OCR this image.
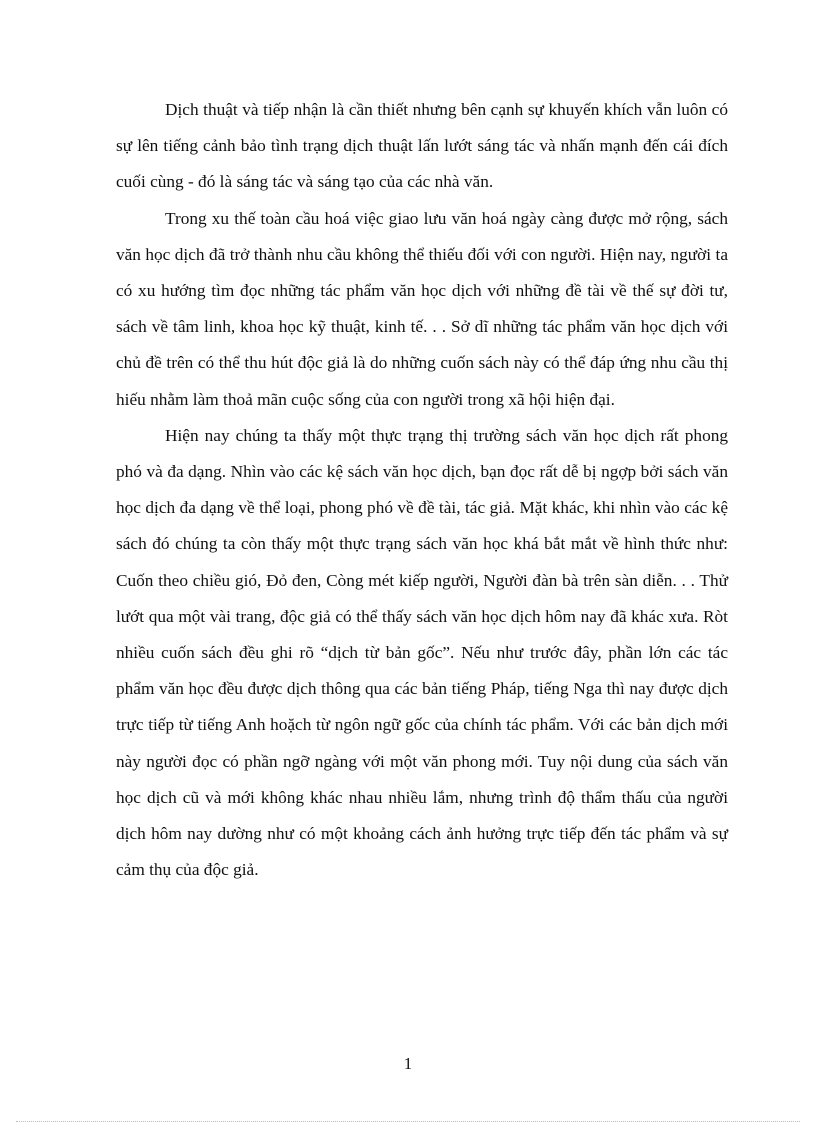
Dịch thuật và tiếp nhận là cần thiết nhưng bên cạnh sự khuyến khích vẫn luôn có sự lên tiếng cảnh bảo tình trạng dịch thuật lấn lướt sáng tác và nhấn mạnh đến cái đích cuối cùng - đó là sáng tác và sáng tạo của các nhà văn.

Trong xu thế toàn cầu hoá việc giao lưu văn hoá ngày càng được mở rộng, sách văn học dịch đã trở thành nhu cầu không thể thiếu đối với con người. Hiện nay, người ta có xu hướng tìm đọc những tác phẩm văn học dịch với những đề tài về thế sự đời tư, sách về tâm linh, khoa học kỹ thuật, kinh tế. . . Sở dĩ những tác phẩm văn học dịch với chủ đề trên có thể thu hút độc giả là do những cuốn sách này có thể đáp ứng nhu cầu thị hiếu nhằm làm thoả mãn cuộc sống của con người trong xã hội hiện đại.

Hiện nay chúng ta thấy một thực trạng thị trường sách văn học dịch rất phong phó và đa dạng. Nhìn vào các kệ sách văn học dịch, bạn đọc rất dễ bị ngợp bởi sách văn học dịch đa dạng về thể loại, phong phó về đề tài, tác giả. Mặt khác, khi nhìn vào các kệ sách đó chúng ta còn thấy một thực trạng sách văn học khá bắt mắt về hình thức như: Cuốn theo chiều gió, Đỏ đen, Còng mét kiếp người, Người đàn bà trên sàn diễn. . . Thử lướt qua một vài trang, độc giả có thể thấy sách văn học dịch hôm nay đã khác xưa. Ròt nhiều cuốn sách đều ghi rõ “dịch từ bản gốc”. Nếu như trước đây, phần lớn các tác phẩm văn học đều được dịch thông qua các bản tiếng Pháp, tiếng Nga thì nay được dịch trực tiếp từ tiếng Anh hoặch từ ngôn ngữ gốc của chính tác phẩm. Với các bản dịch mới này người đọc có phần ngỡ ngàng với một văn phong mới. Tuy nội dung của sách văn học dịch cũ và mới không khác nhau nhiều lắm, nhưng trình độ thẩm thấu của người dịch hôm nay dường như có một khoảng cách ảnh hưởng trực tiếp đến tác phẩm và sự cảm thụ của độc giả.

1
